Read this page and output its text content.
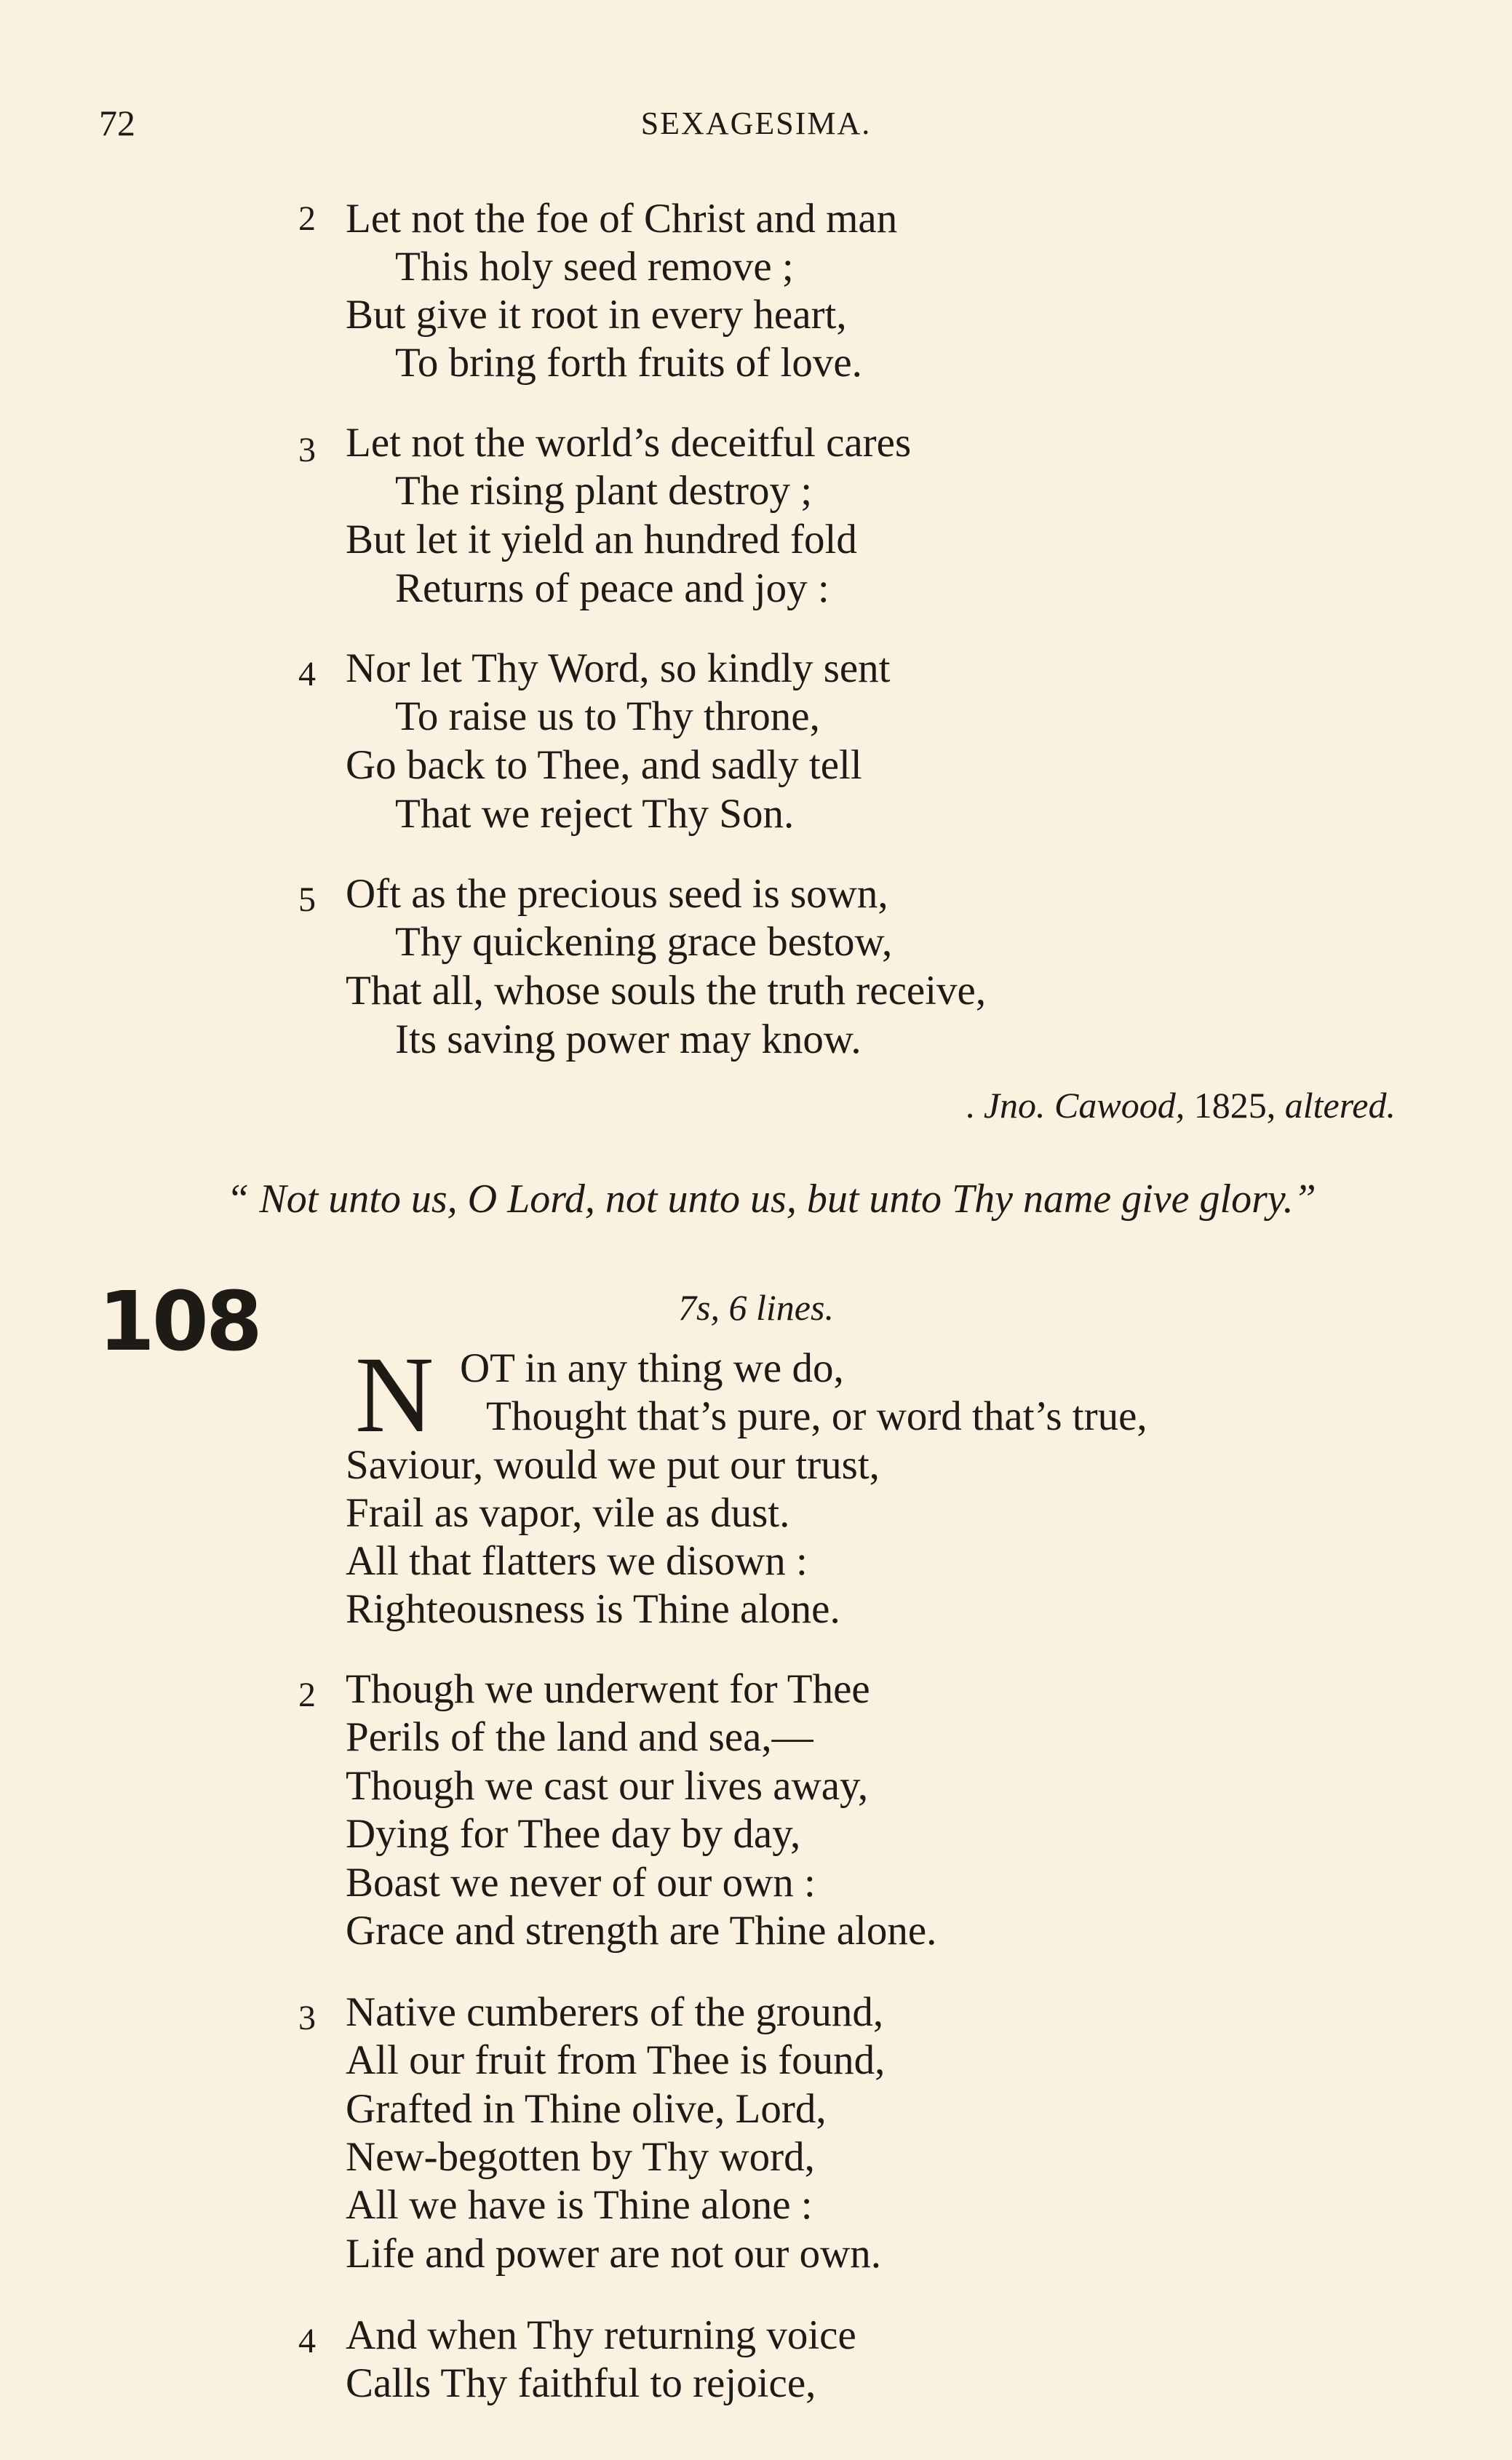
72	SEXAGESIMA.
2 Let not the foe of Christ and man
This holy seed remove ;
But give it root in every heart,
To bring forth fruits of love.
3 Let not the world’s deceitful cares
The rising plant destroy ;
But let it yield an hundred fold
Returns of peace and joy :
4 Nor let Thy Word, so kindly sent
To raise us to Thy throne,
Go back to Thee, and sadly tell
That we reject Thy Son.
5 Oft as the precious seed is sown,
Thy quickening grace bestow,
That all, whose souls the truth receive,
Its saving power may know.
. Jno. Cawood, 1825, altered.
“ Not unto us, O Lord, not unto us, but unto Thy name give glory.”
108	7s, 6 lines.
N OT in any thing we do,
Thought that’s pure, or word that’s true,
Saviour, would we put our trust,
Frail as vapor, vile as dust.
All that flatters we disown :
Righteousness is Thine alone.
2 Though we underwent for Thee
Perils of the land and sea,—
Though we cast our lives away,
Dying for Thee day by day,
Boast we never of our own :
Grace and strength are Thine alone.
3 Native cumberers of the ground,
All our fruit from Thee is found,
Grafted in Thine olive, Lord,
New-begotten by Thy word,
All we have is Thine alone :
Life and power are not our own.
4 And when Thy returning voice
Calls Thy faithful to rejoice,
